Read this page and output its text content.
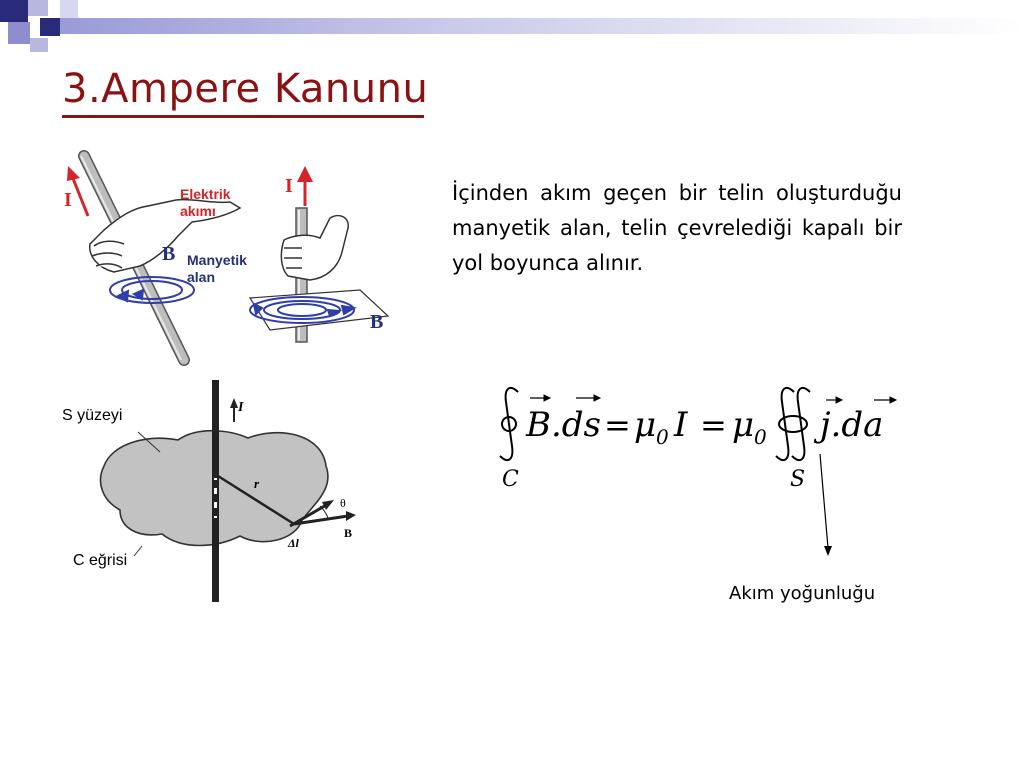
3.Ampere Kanunu
İçinden akım geçen bir telin oluşturduğu manyetik alan, telin çevrelediği kapalı bir yol boyunca alınır.
I
I
Elektrik
akımı
B
B
Manyetik
alan
I
r
θ
Δl
B
S yüzeyi
C eğrisi
B.ds = μ 0 I = μ 0 j.da
C	S
Akım yoğunluğu
